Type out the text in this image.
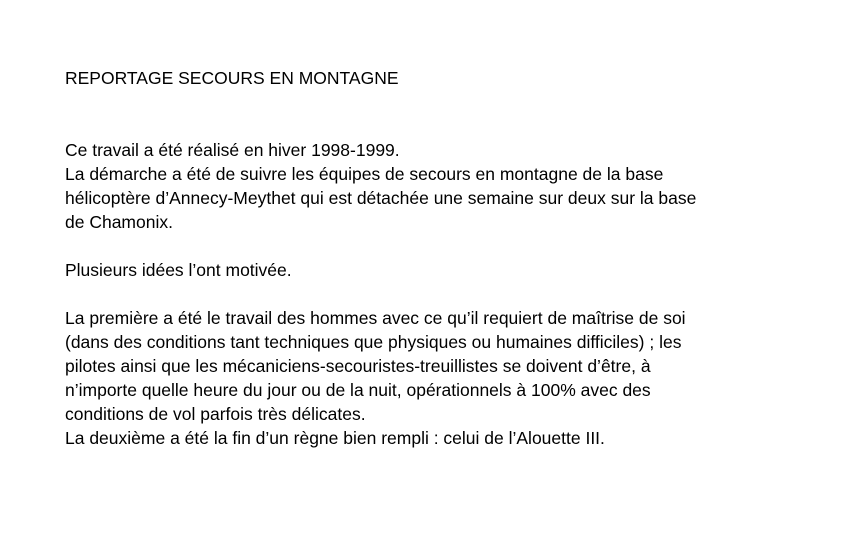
REPORTAGE SECOURS EN MONTAGNE
Ce travail a été réalisé en hiver 1998-1999.
La démarche a été de suivre les équipes de secours en montagne de la base
hélicoptère d’Annecy-Meythet qui est détachée une semaine sur deux sur la base
de Chamonix.
Plusieurs idées l’ont motivée.
La première a été le travail des hommes avec ce qu’il requiert de maîtrise de soi
(dans des conditions tant techniques que physiques ou humaines difficiles) ; les
pilotes ainsi que les mécaniciens-secouristes-treuillistes se doivent d’être, à
n’importe quelle heure du jour ou de la nuit, opérationnels à 100% avec des
conditions de vol parfois très délicates.
La deuxième a été la fin d’un règne bien rempli : celui de l’Alouette III.
